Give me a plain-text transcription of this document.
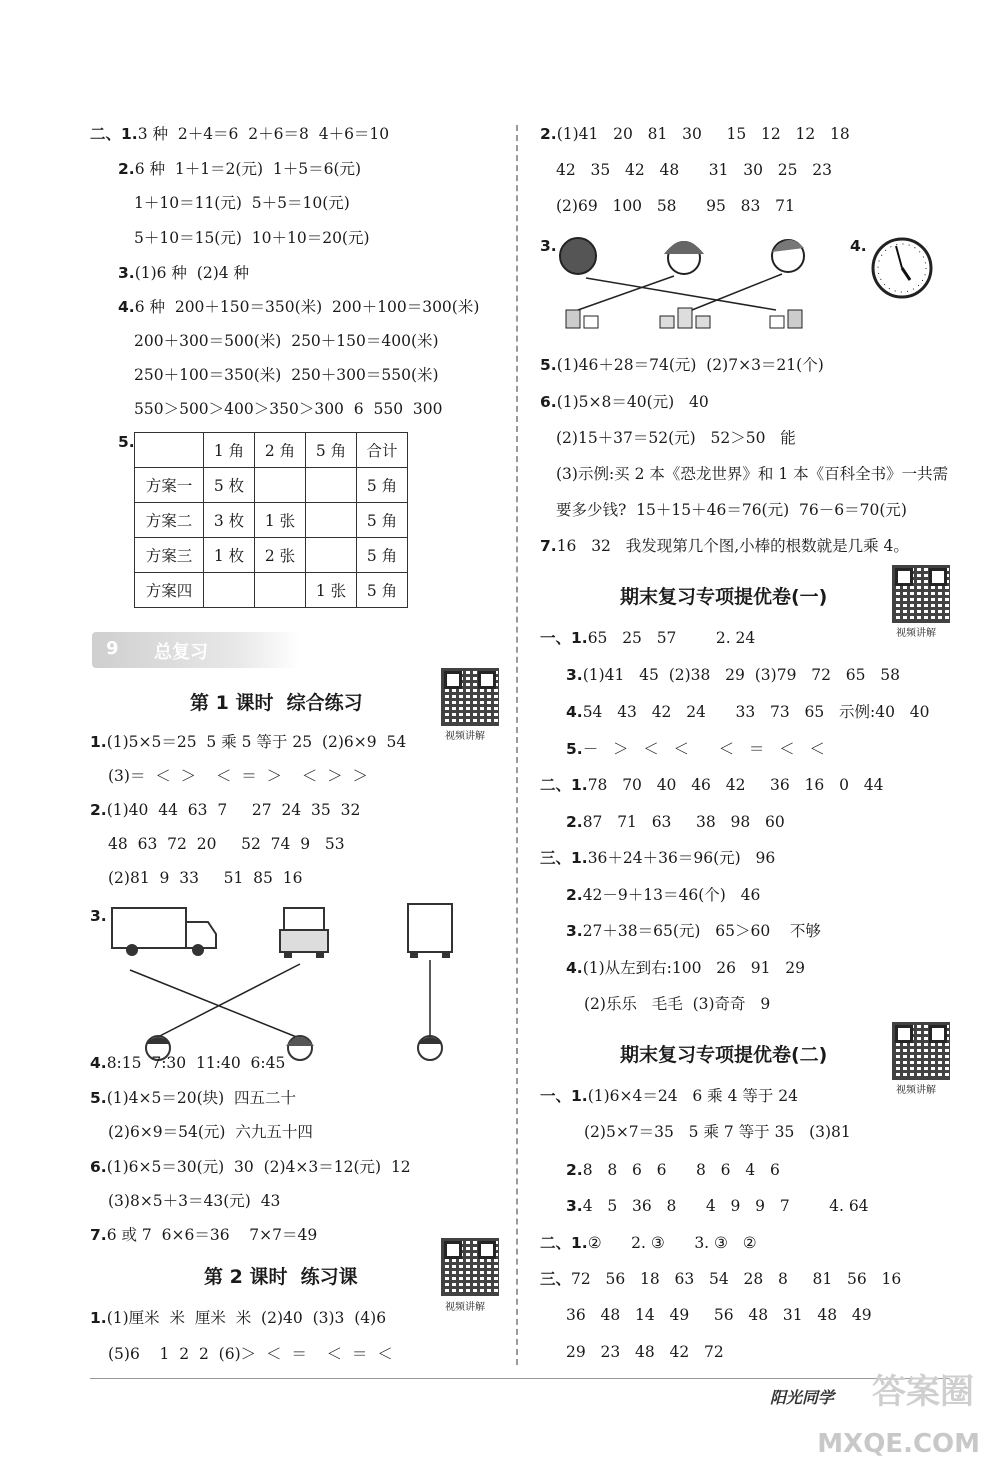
二、1.3 种  2＋4＝6  2＋6＝8  4＋6＝10
2.6 种  1＋1＝2(元)  1＋5＝6(元)
1＋10＝11(元)  5＋5＝10(元)
5＋10＝15(元)  10＋10＝20(元)
3.(1)6 种  (2)4 种
4.6 种  200＋150＝350(米)  200＋100＝300(米)
200＋300＝500(米)  250＋150＝400(米)
250＋100＝350(米)  250＋300＝550(米)
550＞500＞400＞350＞300  6  550  300
5.
		1 角	2 角	5 角	合计
方案一	5 枚			5 角
方案二	3 枚	1 张		5 角
方案三	1 枚	2 张		5 角
方案四			1 张	5 角
9 总复习
第 1 课时  综合练习
视频讲解
1.(1)5×5＝25  5 乘 5 等于 25  (2)6×9  54
(3)＝  ＜  ＞    ＜  ＝  ＞    ＜  ＞  ＞
2.(1)40  44  63  7     27  24  35  32
48  63  72  20     52  74  9   53
(2)81  9  33     51  85  16
3.
4.8:15  7:30  11:40  6:45
5.(1)4×5＝20(块)  四五二十
(2)6×9＝54(元)  六九五十四
6.(1)6×5＝30(元)  30  (2)4×3＝12(元)  12
(3)8×5＋3＝43(元)  43
7.6 或 7  6×6＝36    7×7＝49
第 2 课时  练习课
视频讲解
1.(1)厘米  米  厘米  米  (2)40  (3)3  (4)6
(5)6    1  2  2  (6)＞  ＜  ＝    ＜  ＝  ＜
2.(1)41   20   81   30     15   12   12   18
42   35   42   48      31   30   25   23
(2)69   100   58      95   83   71
3.	4.
5.(1)46＋28＝74(元)  (2)7×3＝21(个)
6.(1)5×8＝40(元)   40
(2)15＋37＝52(元)   52＞50   能
(3)示例:买 2 本《恐龙世界》和 1 本《百科全书》一共需
要多少钱?  15＋15＋46＝76(元)  76－6＝70(元)
7.16   32   我发现第几个图,小棒的根数就是几乘 4。
期末复习专项提优卷(一)
视频讲解
一、1.65   25   57        2. 24
3.(1)41   45  (2)38   29  (3)79   72   65   58
4.54   43   42   24      33   73   65   示例:40   40
5.－   ＞   ＜   ＜      ＜   ＝   ＜   ＜
二、1.78   70   40   46   42     36   16   0   44
2.87   71   63     38   98   60
三、1.36＋24＋36＝96(元)   96
2.42－9＋13＝46(个)   46
3.27＋38＝65(元)   65＞60    不够
4.(1)从左到右:100   26   91   29
(2)乐乐   毛毛  (3)奇奇   9
期末复习专项提优卷(二)
视频讲解
一、1.(1)6×4＝24   6 乘 4 等于 24
(2)5×7＝35   5 乘 7 等于 35   (3)81
2.8   8   6   6      8   6   4   6
3.4   5   36   8      4   9   9   7        4. 64
二、1.②      2. ③      3. ③   ②
三、72   56   18   63   54   28   8     81   56   16
36   48   14   49     56   48   31   48   49
29   23   48   42   72
阳光同学 答案圈
MXQE.COM
